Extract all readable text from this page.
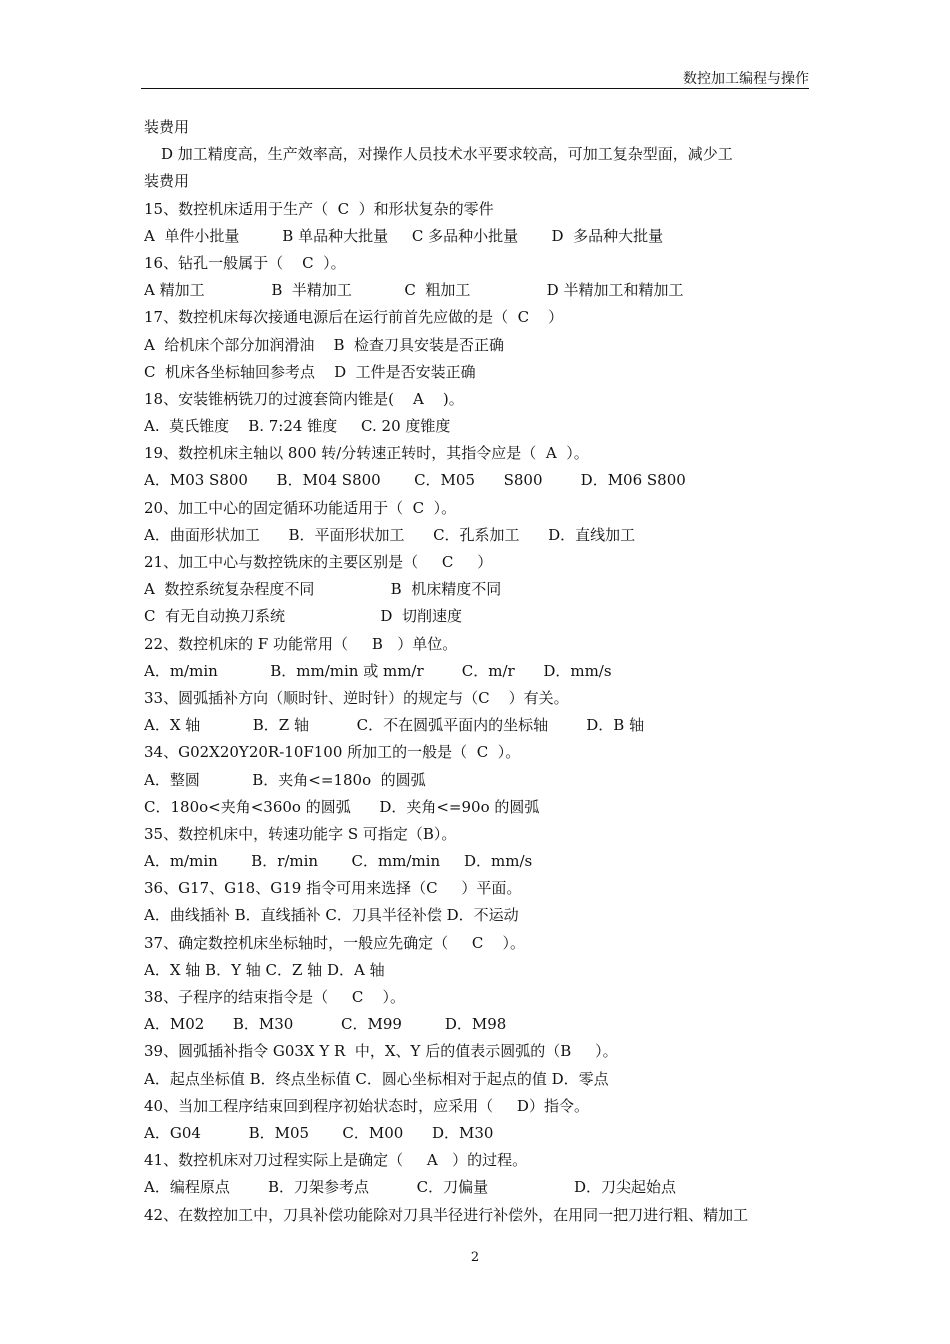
数控加工编程与操作
装费用
D 加工精度高，生产效率高，对操作人员技术水平要求较高，可加工复杂型面，减少工
装费用
15、数控机床适用于生产（  C  ）和形状复杂的零件
A  单件小批量         B 单品种大批量     C 多品种小批量       D  多品种大批量
16、钻孔一般属于（    C  ）。
A 精加工              B  半精加工           C  粗加工                D 半精加工和精加工
17、数控机床每次接通电源后在运行前首先应做的是（  C    ）
A  给机床个部分加润滑油    B  检查刀具安装是否正确
C  机床各坐标轴回参考点    D  工件是否安装正确
18、安装锥柄铣刀的过渡套筒内锥是(    A    )。
A.  莫氏锥度    B. 7:24 锥度     C. 20 度锥度
19、数控机床主轴以 800 转/分转速正转时，其指令应是（  A  ）。
A．M03 S800      B．M04 S800       C．M05      S800        D．M06 S800
20、加工中心的固定循环功能适用于（  C  ）。
A．曲面形状加工      B．平面形状加工      C．孔系加工      D．直线加工
21、加工中心与数控铣床的主要区别是（     C     ）
A  数控系统复杂程度不同                B  机床精度不同
C  有无自动换刀系统                    D  切削速度
22、数控机床的 F 功能常用（     B   ）单位。
A．m/min           B．mm/min 或 mm/r        C．m/r      D．mm/s
33、圆弧插补方向（顺时针、逆时针）的规定与（C    ）有关。
A．X 轴           B．Z 轴          C．不在圆弧平面内的坐标轴        D．B 轴
34、G02X20Y20R-10F100 所加工的一般是（  C  ）。
A．整圆           B．夹角<=180o  的圆弧
C．180o<夹角<360o 的圆弧      D．夹角<=90o 的圆弧
35、数控机床中，转速功能字 S 可指定（B）。
A．m/min       B．r/min       C．mm/min     D．mm/s
36、G17、G18、G19 指令可用来选择（C     ）平面。
A．曲线插补 B．直线插补 C．刀具半径补偿 D．不运动
37、确定数控机床坐标轴时，一般应先确定（     C    ）。
A．X 轴 B．Y 轴 C．Z 轴 D．A 轴
38、子程序的结束指令是（     C    ）。
A．M02      B．M30          C．M99         D．M98
39、圆弧插补指令 G03X Y R  中，X、Y 后的值表示圆弧的（B     ）。
A．起点坐标值 B．终点坐标值 C．圆心坐标相对于起点的值 D．零点
40、当加工程序结束回到程序初始状态时，应采用（     D）指令。
A．G04          B．M05       C．M00      D．M30
41、数控机床对刀过程实际上是确定（     A   ）的过程。
A．编程原点        B．刀架参考点          C．刀偏量                  D．刀尖起始点
42、在数控加工中，刀具补偿功能除对刀具半径进行补偿外，在用同一把刀进行粗、精加工
2
